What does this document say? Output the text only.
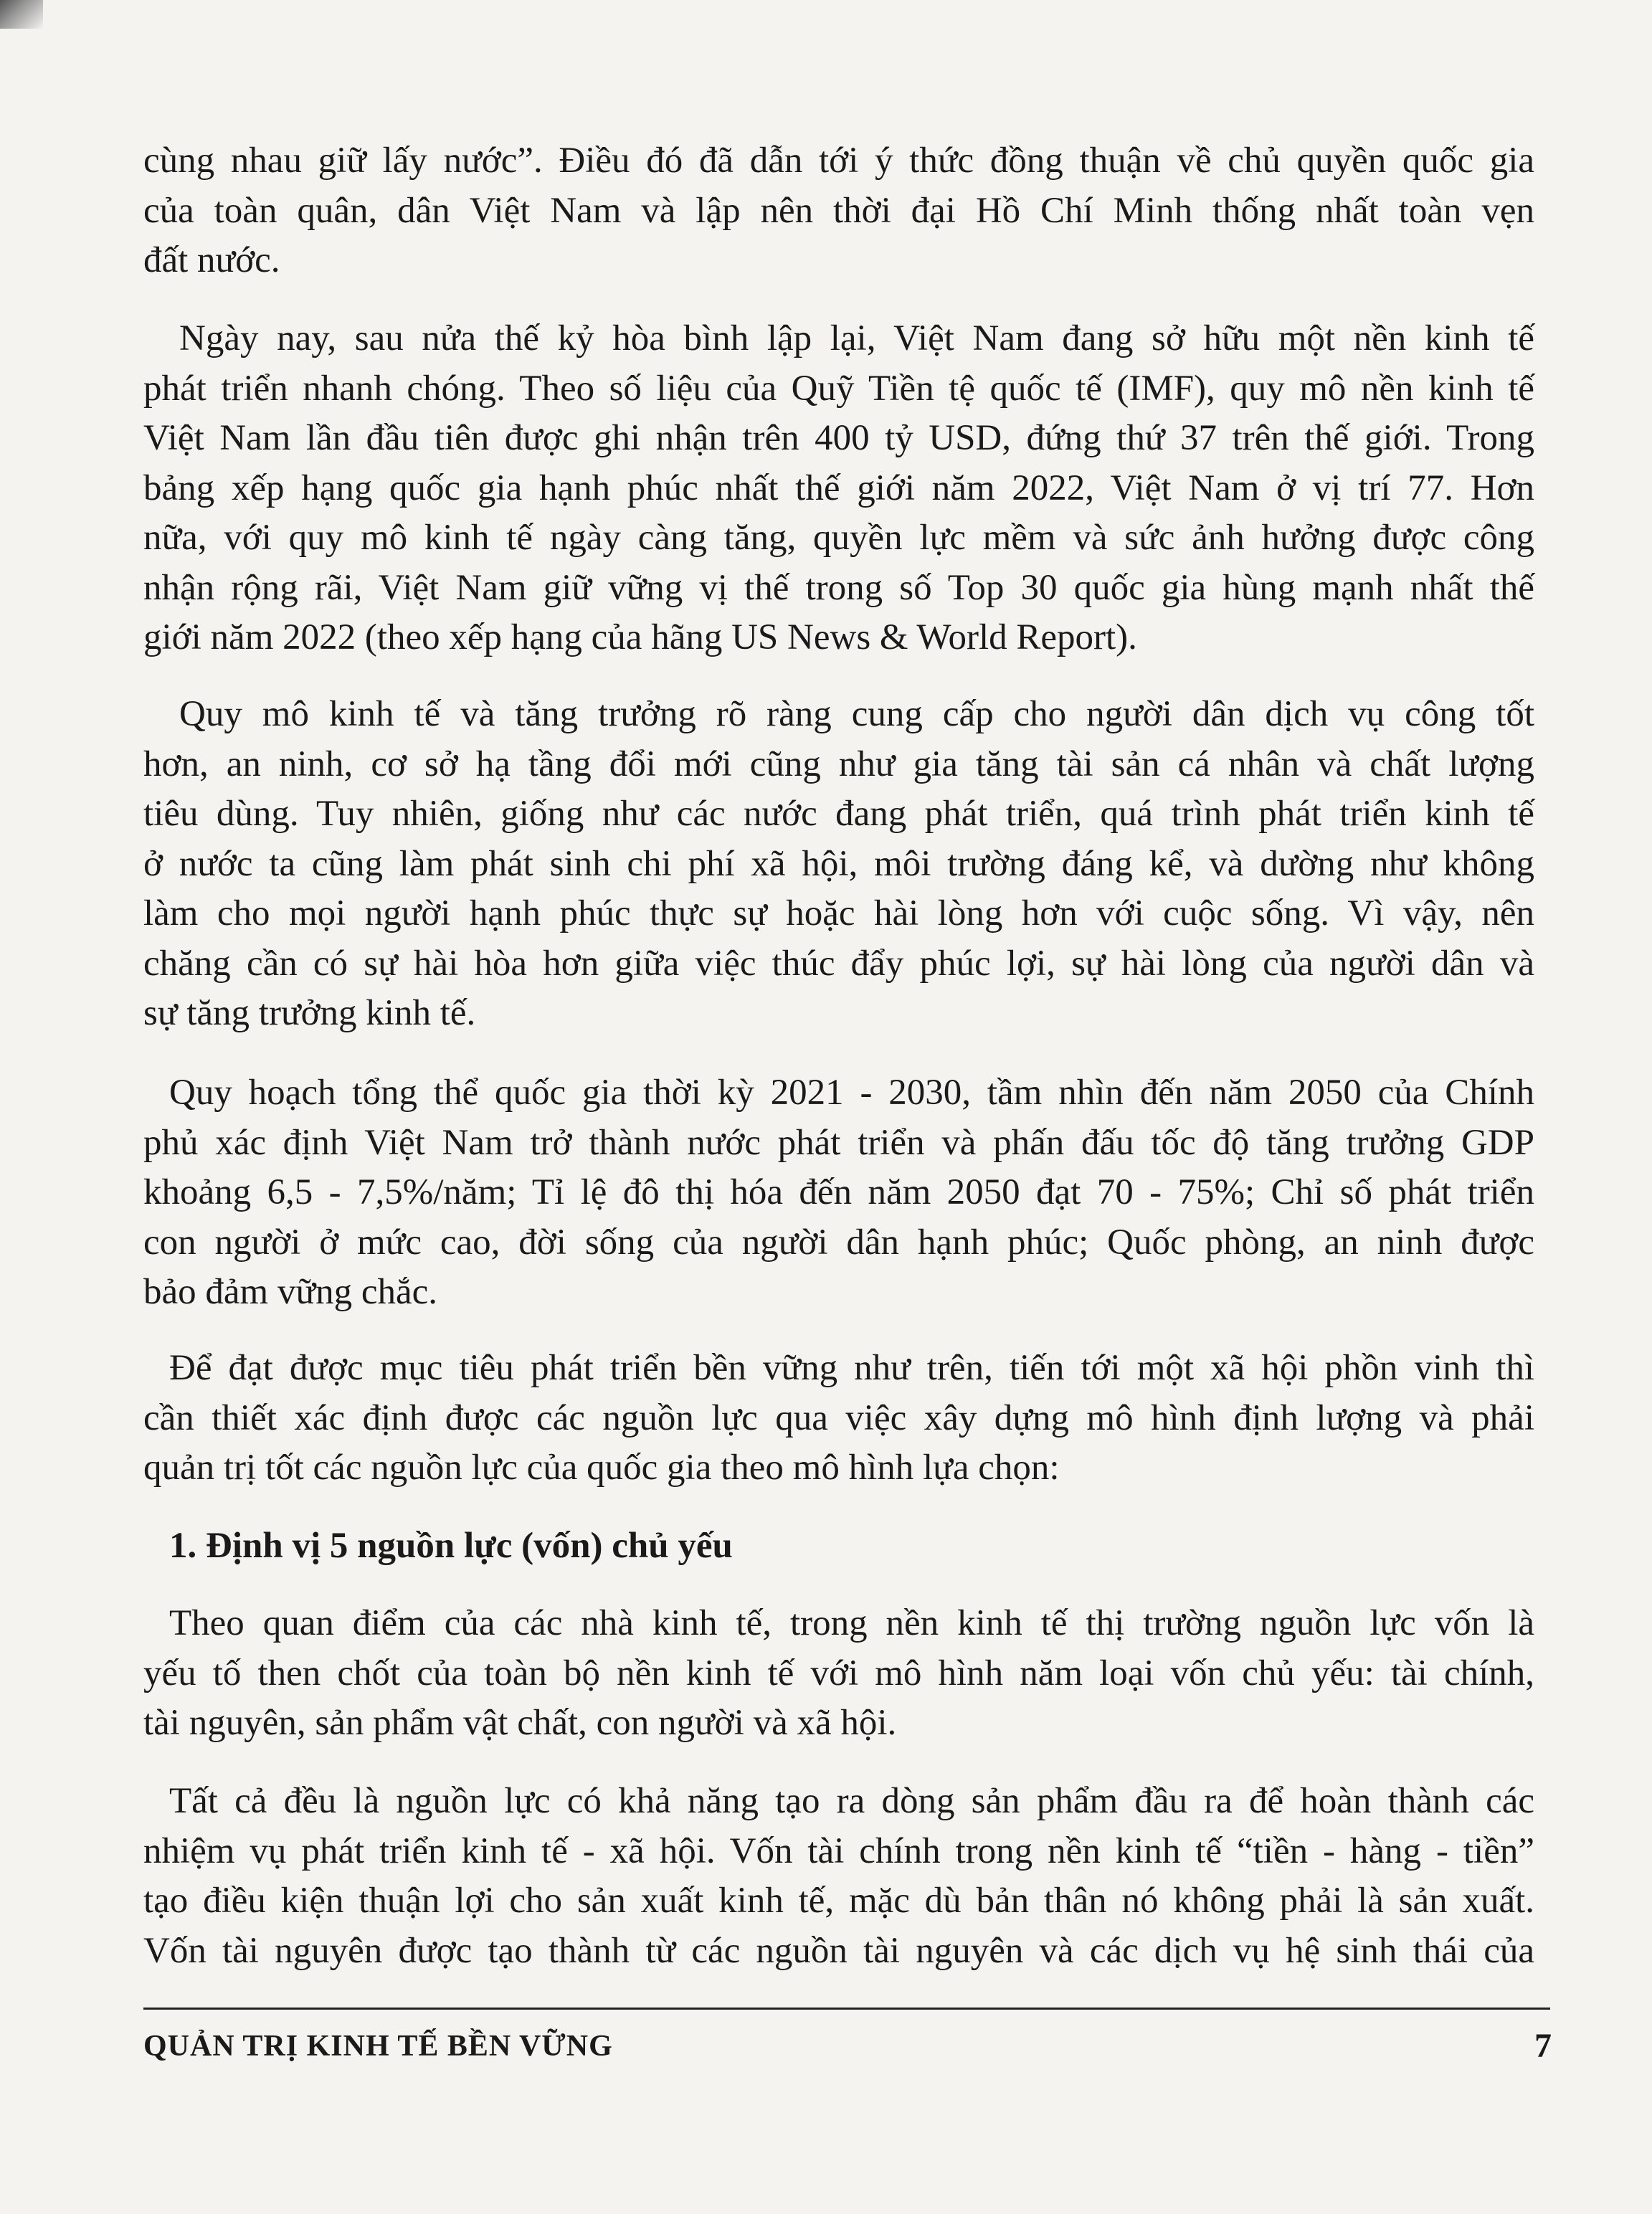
cùng nhau giữ lấy nước”. Điều đó đã dẫn tới ý thức đồng thuận về chủ quyền quốc gia
của toàn quân, dân Việt Nam và lập nên thời đại Hồ Chí Minh thống nhất toàn vẹn
đất nước.
Ngày nay, sau nửa thế kỷ hòa bình lập lại, Việt Nam đang sở hữu một nền kinh tế
phát triển nhanh chóng. Theo số liệu của Quỹ Tiền tệ quốc tế (IMF), quy mô nền kinh tế
Việt Nam lần đầu tiên được ghi nhận trên 400 tỷ USD, đứng thứ 37 trên thế giới. Trong
bảng xếp hạng quốc gia hạnh phúc nhất thế giới năm 2022, Việt Nam ở vị trí 77. Hơn
nữa, với quy mô kinh tế ngày càng tăng, quyền lực mềm và sức ảnh hưởng được công
nhận rộng rãi, Việt Nam giữ vững vị thế trong số Top 30 quốc gia hùng mạnh nhất thế
giới năm 2022 (theo xếp hạng của hãng US News & World Report).
Quy mô kinh tế và tăng trưởng rõ ràng cung cấp cho người dân dịch vụ công tốt
hơn, an ninh, cơ sở hạ tầng đổi mới cũng như gia tăng tài sản cá nhân và chất lượng
tiêu dùng. Tuy nhiên, giống như các nước đang phát triển, quá trình phát triển kinh tế
ở nước ta cũng làm phát sinh chi phí xã hội, môi trường đáng kể, và dường như không
làm cho mọi người hạnh phúc thực sự hoặc hài lòng hơn với cuộc sống. Vì vậy, nên
chăng cần có sự hài hòa hơn giữa việc thúc đẩy phúc lợi, sự hài lòng của người dân và
sự tăng trưởng kinh tế.
Quy hoạch tổng thể quốc gia thời kỳ 2021 - 2030, tầm nhìn đến năm 2050 của Chính
phủ xác định Việt Nam trở thành nước phát triển và phấn đấu tốc độ tăng trưởng GDP
khoảng 6,5 - 7,5%/năm; Tỉ lệ đô thị hóa đến năm 2050 đạt 70 - 75%; Chỉ số phát triển
con người ở mức cao, đời sống của người dân hạnh phúc; Quốc phòng, an ninh được
bảo đảm vững chắc.
Để đạt được mục tiêu phát triển bền vững như trên, tiến tới một xã hội phồn vinh thì
cần thiết xác định được các nguồn lực qua việc xây dựng mô hình định lượng và phải
quản trị tốt các nguồn lực của quốc gia theo mô hình lựa chọn:
1. Định vị 5 nguồn lực (vốn) chủ yếu
Theo quan điểm của các nhà kinh tế, trong nền kinh tế thị trường nguồn lực vốn là
yếu tố then chốt của toàn bộ nền kinh tế với mô hình năm loại vốn chủ yếu: tài chính,
tài nguyên, sản phẩm vật chất, con người và xã hội.
Tất cả đều là nguồn lực có khả năng tạo ra dòng sản phẩm đầu ra để hoàn thành các
nhiệm vụ phát triển kinh tế - xã hội. Vốn tài chính trong nền kinh tế “tiền - hàng - tiền”
tạo điều kiện thuận lợi cho sản xuất kinh tế, mặc dù bản thân nó không phải là sản xuất.
Vốn tài nguyên được tạo thành từ các nguồn tài nguyên và các dịch vụ hệ sinh thái của
QUẢN TRỊ KINH TẾ BỀN VỮNG	7
